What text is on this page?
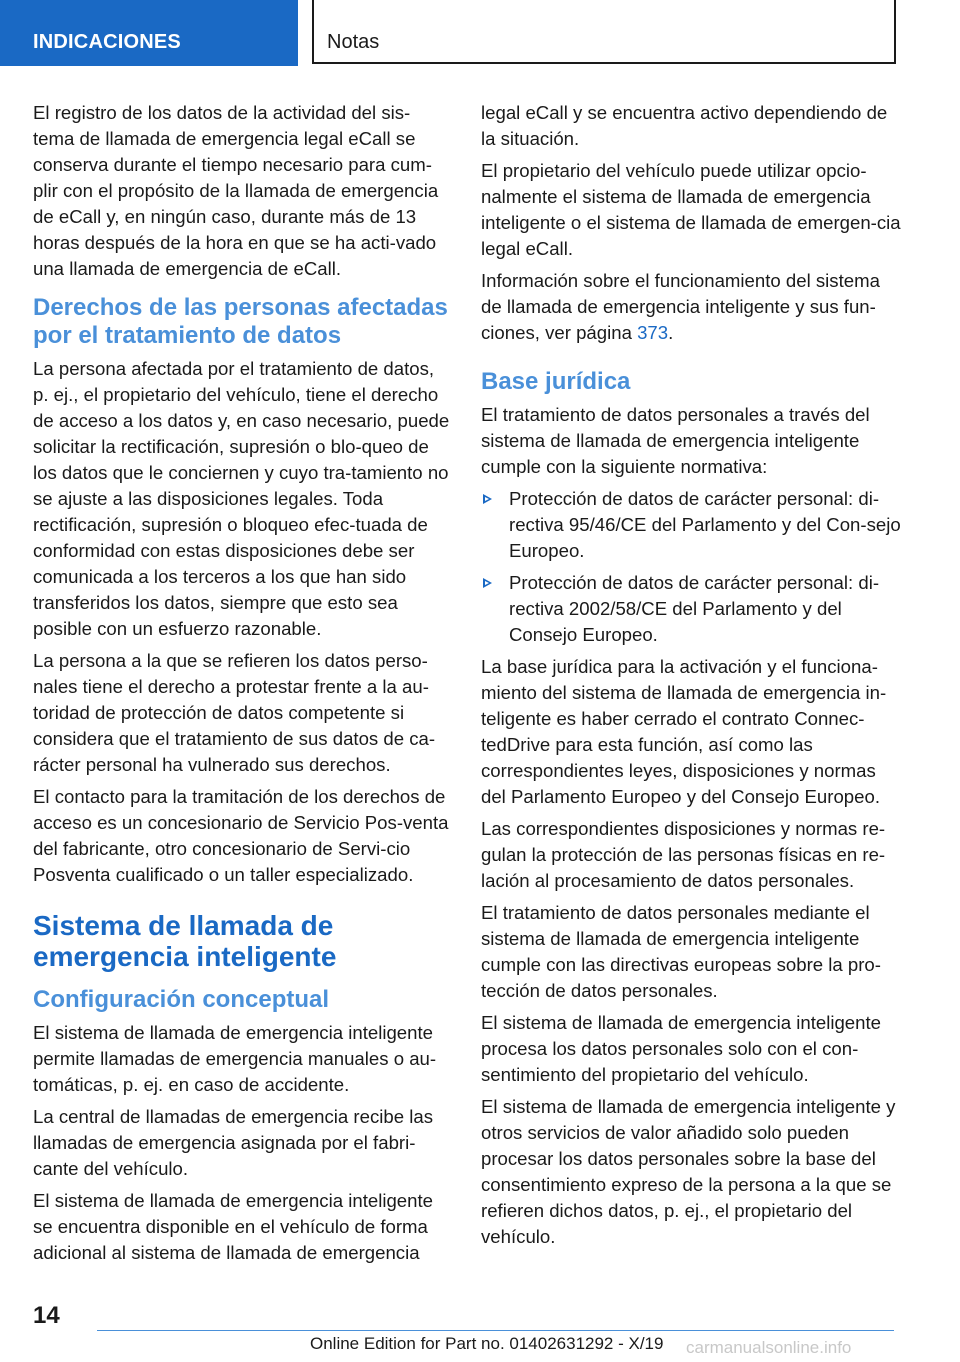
INDICACIONES	Notas

El registro de los datos de la actividad del sis-tema de llamada de emergencia legal eCall se conserva durante el tiempo necesario para cum-plir con el propósito de la llamada de emergencia de eCall y, en ningún caso, durante más de 13 horas después de la hora en que se ha acti-vado una llamada de emergencia de eCall.

Derechos de las personas afectadas por el tratamiento de datos

La persona afectada por el tratamiento de datos, p. ej., el propietario del vehículo, tiene el derecho de acceso a los datos y, en caso necesario, puede solicitar la rectificación, supresión o blo-queo de los datos que le conciernen y cuyo tra-tamiento no se ajuste a las disposiciones legales. Toda rectificación, supresión o bloqueo efec-tuada de conformidad con estas disposiciones debe ser comunicada a los terceros a los que han sido transferidos los datos, siempre que esto sea posible con un esfuerzo razonable.

La persona a la que se refieren los datos perso-nales tiene el derecho a protestar frente a la au-toridad de protección de datos competente si considera que el tratamiento de sus datos de ca-rácter personal ha vulnerado sus derechos.

El contacto para la tramitación de los derechos de acceso es un concesionario de Servicio Pos-venta del fabricante, otro concesionario de Servi-cio Posventa cualificado o un taller especializado.

Sistema de llamada de emergencia inteligente
Configuración conceptual

El sistema de llamada de emergencia inteligente permite llamadas de emergencia manuales o au-tomáticas, p. ej. en caso de accidente.

La central de llamadas de emergencia recibe las llamadas de emergencia asignada por el fabri-cante del vehículo.

El sistema de llamada de emergencia inteligente se encuentra disponible en el vehículo de forma adicional al sistema de llamada de emergencia

legal eCall y se encuentra activo dependiendo de la situación.

El propietario del vehículo puede utilizar opcio-nalmente el sistema de llamada de emergencia inteligente o el sistema de llamada de emergen-cia legal eCall.

Información sobre el funcionamiento del sistema de llamada de emergencia inteligente y sus fun-ciones, ver página 373.

Base jurídica

El tratamiento de datos personales a través del sistema de llamada de emergencia inteligente cumple con la siguiente normativa:

Protección de datos de carácter personal: di-rectiva 95/46/CE del Parlamento y del Con-sejo Europeo.
Protección de datos de carácter personal: di-rectiva 2002/58/CE del Parlamento y del Consejo Europeo.

La base jurídica para la activación y el funciona-miento del sistema de llamada de emergencia in-teligente es haber cerrado el contrato Connec-tedDrive para esta función, así como las correspondientes leyes, disposiciones y normas del Parlamento Europeo y del Consejo Europeo.

Las correspondientes disposiciones y normas re-gulan la protección de las personas físicas en re-lación al procesamiento de datos personales.

El tratamiento de datos personales mediante el sistema de llamada de emergencia inteligente cumple con las directivas europeas sobre la pro-tección de datos personales.

El sistema de llamada de emergencia inteligente procesa los datos personales solo con el con-sentimiento del propietario del vehículo.

El sistema de llamada de emergencia inteligente y otros servicios de valor añadido solo pueden procesar los datos personales sobre la base del consentimiento expreso de la persona a la que se refieren dichos datos, p. ej., el propietario del vehículo.

14
Online Edition for Part no. 01402631292 - X/19 carmanualsonline.info
